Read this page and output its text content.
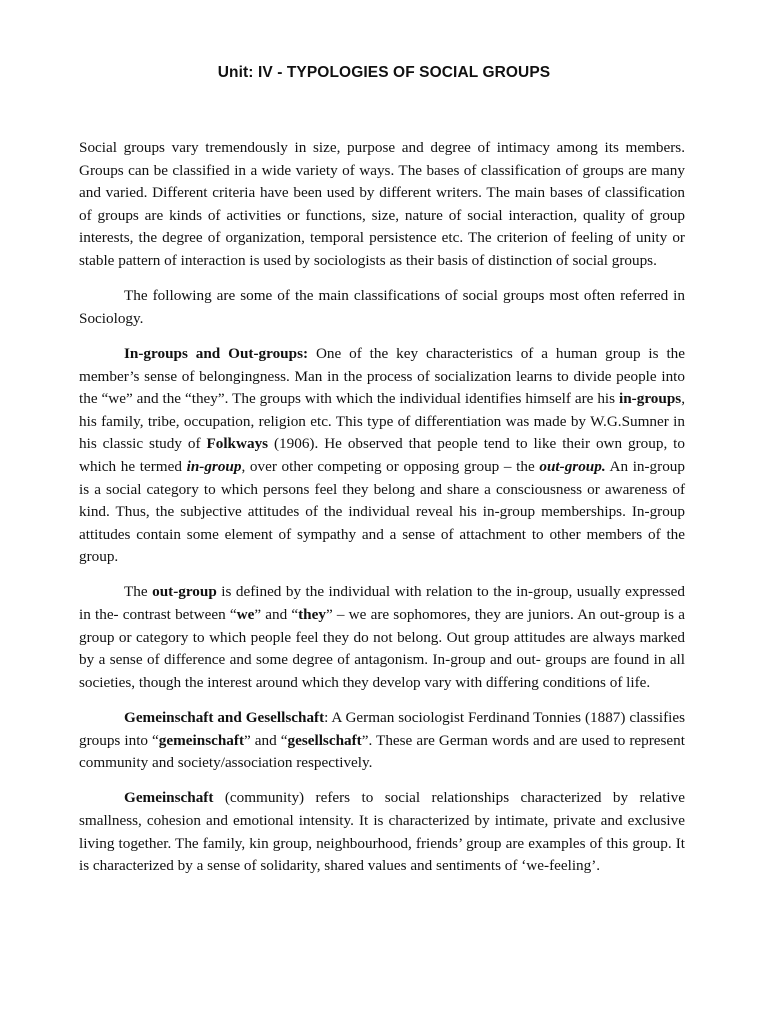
Unit: IV - TYPOLOGIES OF SOCIAL GROUPS

Social groups vary tremendously in size, purpose and degree of intimacy among its members. Groups can be classified in a wide variety of ways. The bases of classification of groups are many and varied. Different criteria have been used by different writers. The main bases of classification of groups are kinds of activities or functions, size, nature of social interaction, quality of group interests, the degree of organization, temporal persistence etc. The criterion of feeling of unity or stable pattern of interaction is used by sociologists as their basis of distinction of social groups.

The following are some of the main classifications of social groups most often referred in Sociology.

In-groups and Out-groups: One of the key characteristics of a human group is the member’s sense of belongingness. Man in the process of socialization learns to divide people into the “we” and the “they”. The groups with which the individual identifies himself are his in-groups, his family, tribe, occupation, religion etc. This type of differentiation was made by W.G.Sumner in his classic study of Folkways (1906). He observed that people tend to like their own group, to which he termed in-group, over other competing or opposing group – the out-group. An in-group is a social category to which persons feel they belong and share a consciousness or awareness of kind. Thus, the subjective attitudes of the individual reveal his in-group memberships. In-group attitudes contain some element of sympathy and a sense of attachment to other members of the group.

The out-group is defined by the individual with relation to the in-group, usually expressed in the- contrast between “we” and “they” – we are sophomores, they are juniors. An out-group is a group or category to which people feel they do not belong. Out group attitudes are always marked by a sense of difference and some degree of antagonism. In-group and out- groups are found in all societies, though the interest around which they develop vary with differing conditions of life.

Gemeinschaft and Gesellschaft: A German sociologist Ferdinand Tonnies (1887) classifies groups into “gemeinschaft” and “gesellschaft”. These are German words and are used to represent community and society/association respectively.

Gemeinschaft (community) refers to social relationships characterized by relative smallness, cohesion and emotional intensity. It is characterized by intimate, private and exclusive living together. The family, kin group, neighbourhood, friends’ group are examples of this group. It is characterized by a sense of solidarity, shared values and sentiments of ‘we-feeling’.
